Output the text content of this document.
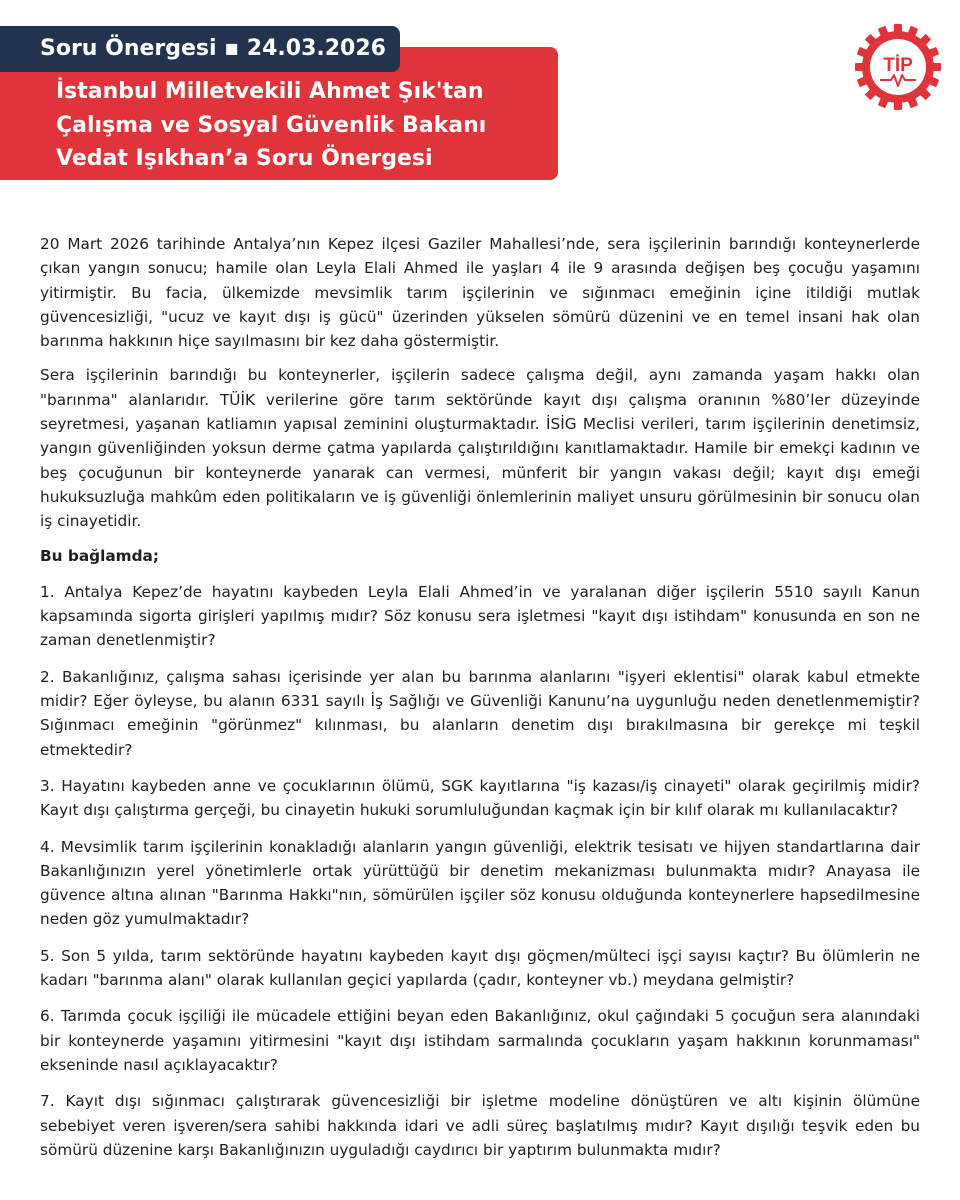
Soru Önergesi ▪ 24.03.2026
İstanbul Milletvekili Ahmet Şık'tan
Çalışma ve Sosyal Güvenlik Bakanı
Vedat Işıkhan’a Soru Önergesi
TİP

20 Mart 2026 tarihinde Antalya’nın Kepez ilçesi Gaziler Mahallesi’nde, sera işçilerinin barındığı konteynerlerde çıkan yangın sonucu; hamile olan Leyla Elali Ahmed ile yaşları 4 ile 9 arasında değişen beş çocuğu yaşamını yitirmiştir. Bu facia, ülkemizde mevsimlik tarım işçilerinin ve sığınmacı emeğinin içine itildiği mutlak güvencesizliği, "ucuz ve kayıt dışı iş gücü" üzerinden yükselen sömürü düzenini ve en temel insani hak olan barınma hakkının hiçe sayılmasını bir kez daha göstermiştir.

Sera işçilerinin barındığı bu konteynerler, işçilerin sadece çalışma değil, aynı zamanda yaşam hakkı olan "barınma" alanlarıdır. TÜİK verilerine göre tarım sektöründe kayıt dışı çalışma oranının %80’ler düzeyinde seyretmesi, yaşanan katliamın yapısal zeminini oluşturmaktadır. İSİG Meclisi verileri, tarım işçilerinin denetimsiz, yangın güvenliğinden yoksun derme çatma yapılarda çalıştırıldığını kanıtlamaktadır. Hamile bir emekçi kadının ve beş çocuğunun bir konteynerde yanarak can vermesi, münferit bir yangın vakası değil; kayıt dışı emeği hukuksuzluğa mahkûm eden politikaların ve iş güvenliği önlemlerinin maliyet unsuru görülmesinin bir sonucu olan iş cinayetidir.

Bu bağlamda;

1. Antalya Kepez’de hayatını kaybeden Leyla Elali Ahmed’in ve yaralanan diğer işçilerin 5510 sayılı Kanun kapsamında sigorta girişleri yapılmış mıdır? Söz konusu sera işletmesi "kayıt dışı istihdam" konusunda en son ne zaman denetlenmiştir?

2. Bakanlığınız, çalışma sahası içerisinde yer alan bu barınma alanlarını "işyeri eklentisi" olarak kabul etmekte midir? Eğer öyleyse, bu alanın 6331 sayılı İş Sağlığı ve Güvenliği Kanunu’na uygunluğu neden denetlenmemiştir? Sığınmacı emeğinin "görünmez" kılınması, bu alanların denetim dışı bırakılmasına bir gerekçe mi teşkil etmektedir?

3. Hayatını kaybeden anne ve çocuklarının ölümü, SGK kayıtlarına "iş kazası/iş cinayeti" olarak geçirilmiş midir? Kayıt dışı çalıştırma gerçeği, bu cinayetin hukuki sorumluluğundan kaçmak için bir kılıf olarak mı kullanılacaktır?

4. Mevsimlik tarım işçilerinin konakladığı alanların yangın güvenliği, elektrik tesisatı ve hijyen standartlarına dair Bakanlığınızın yerel yönetimlerle ortak yürüttüğü bir denetim mekanizması bulunmakta mıdır? Anayasa ile güvence altına alınan "Barınma Hakkı"nın, sömürülen işçiler söz konusu olduğunda konteynerlere hapsedilmesine neden göz yumulmaktadır?

5. Son 5 yılda, tarım sektöründe hayatını kaybeden kayıt dışı göçmen/mülteci işçi sayısı kaçtır? Bu ölümlerin ne kadarı "barınma alanı" olarak kullanılan geçici yapılarda (çadır, konteyner vb.) meydana gelmiştir?

6. Tarımda çocuk işçiliği ile mücadele ettiğini beyan eden Bakanlığınız, okul çağındaki 5 çocuğun sera alanındaki bir konteynerde yaşamını yitirmesini "kayıt dışı istihdam sarmalında çocukların yaşam hakkının korunmaması" ekseninde nasıl açıklayacaktır?

7. Kayıt dışı sığınmacı çalıştırarak güvencesizliği bir işletme modeline dönüştüren ve altı kişinin ölümüne sebebiyet veren işveren/sera sahibi hakkında idari ve adli süreç başlatılmış mıdır? Kayıt dışılığı teşvik eden bu sömürü düzenine karşı Bakanlığınızın uyguladığı caydırıcı bir yaptırım bulunmakta mıdır?
